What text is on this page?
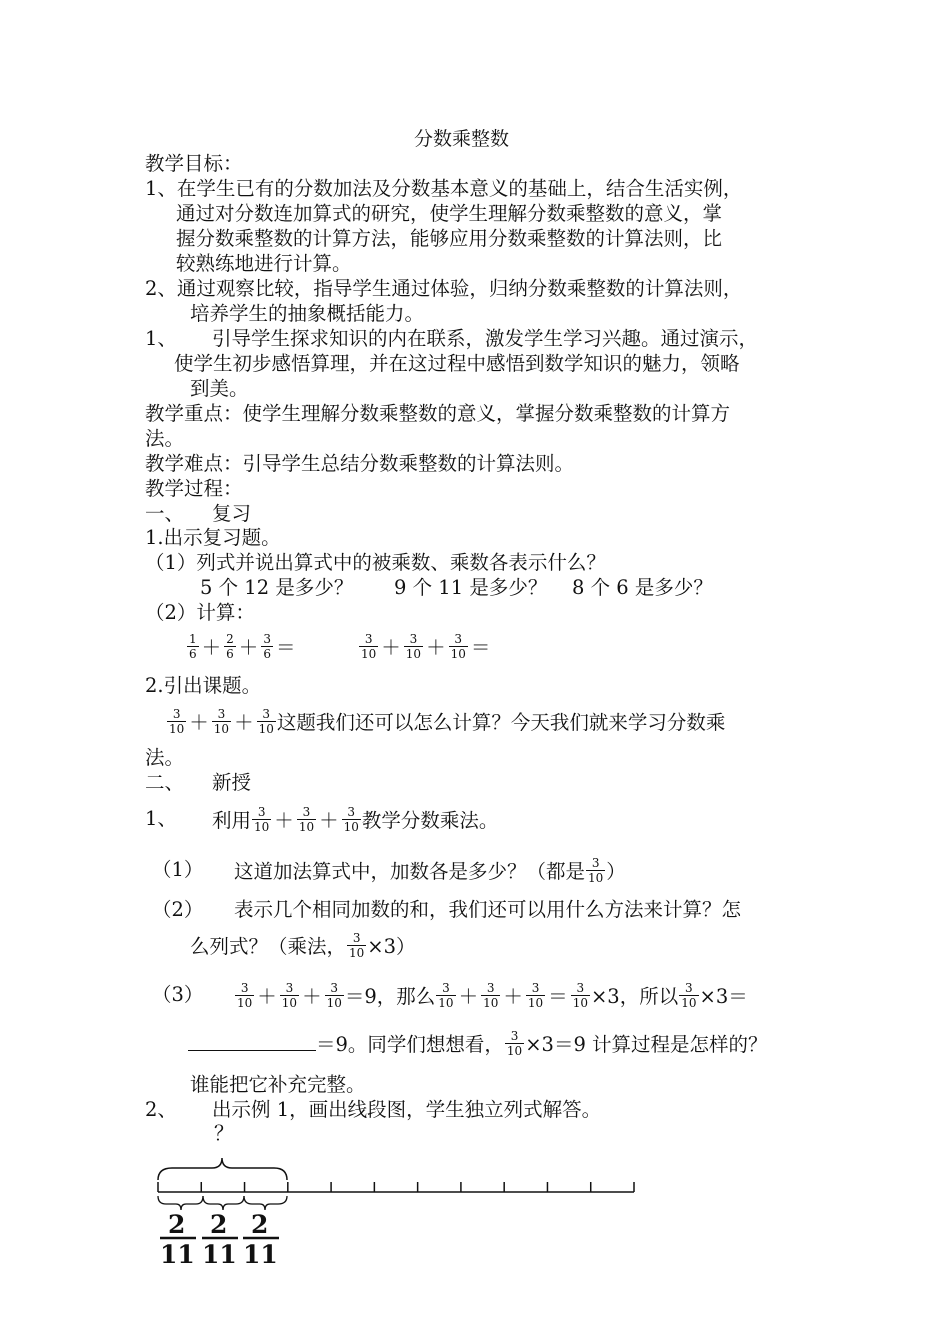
分数乘整数
教学目标：
1、在学生已有的分数加法及分数基本意义的基础上，结合生活实例，
通过对分数连加算式的研究，使学生理解分数乘整数的意义，掌
握分数乘整数的计算方法，能够应用分数乘整数的计算法则，比
较熟练地进行计算。
2、通过观察比较，指导学生通过体验，归纳分数乘整数的计算法则，
培养学生的抽象概括能力。
1、 引导学生探求知识的内在联系，激发学生学习兴趣。通过演示，
使学生初步感悟算理，并在这过程中感悟到数学知识的魅力，领略
到美。
教学重点：使学生理解分数乘整数的意义，掌握分数乘整数的计算方
法。
教学难点：引导学生总结分数乘整数的计算法则。
教学过程：
一、 复习
1.出示复习题。
（1）列式并说出算式中的被乘数、乘数各表示什么？
5 个 12 是多少？ 9 个 11 是多少？ 8 个 6 是多少？
（2）计算：
$\frac{1}{6} + \frac{2}{6} + \frac{3}{6}$ ＝	$\frac{3}{10} + \frac{3}{10} + \frac{3}{10}$ ＝
2.引出课题。
$\frac{3}{10} + \frac{3}{10} + \frac{3}{10}$ 这题我们还可以怎么计算？今天我们就来学习分数乘
法。
二、 新授
1、 利用 $\frac{3}{10} + \frac{3}{10} + \frac{3}{10}$ 教学分数乘法。
（1） 这道加法算式中，加数各是多少？（都是 $\frac{3}{10}$ ）
（2） 表示几个相同加数的和，我们还可以用什么方法来计算？怎
么列式？（乘法， $\frac{3}{10} \times 3$）
（3）	$\frac{3}{10} + \frac{3}{10} + \frac{3}{10} =9$，那么 $\frac{3}{10} + \frac{3}{10} + \frac{3}{10} = \frac{3}{10} \times 3$，所以 $\frac{3}{10} \times 3=$
＝9。同学们想想看， $\frac{3}{10} \times 3=9$ 计算过程是怎样的？
谁能把它补充完整。
2、 出示例 1，画出线段图，学生独立列式解答。
？
2
11
2
11
2
11
